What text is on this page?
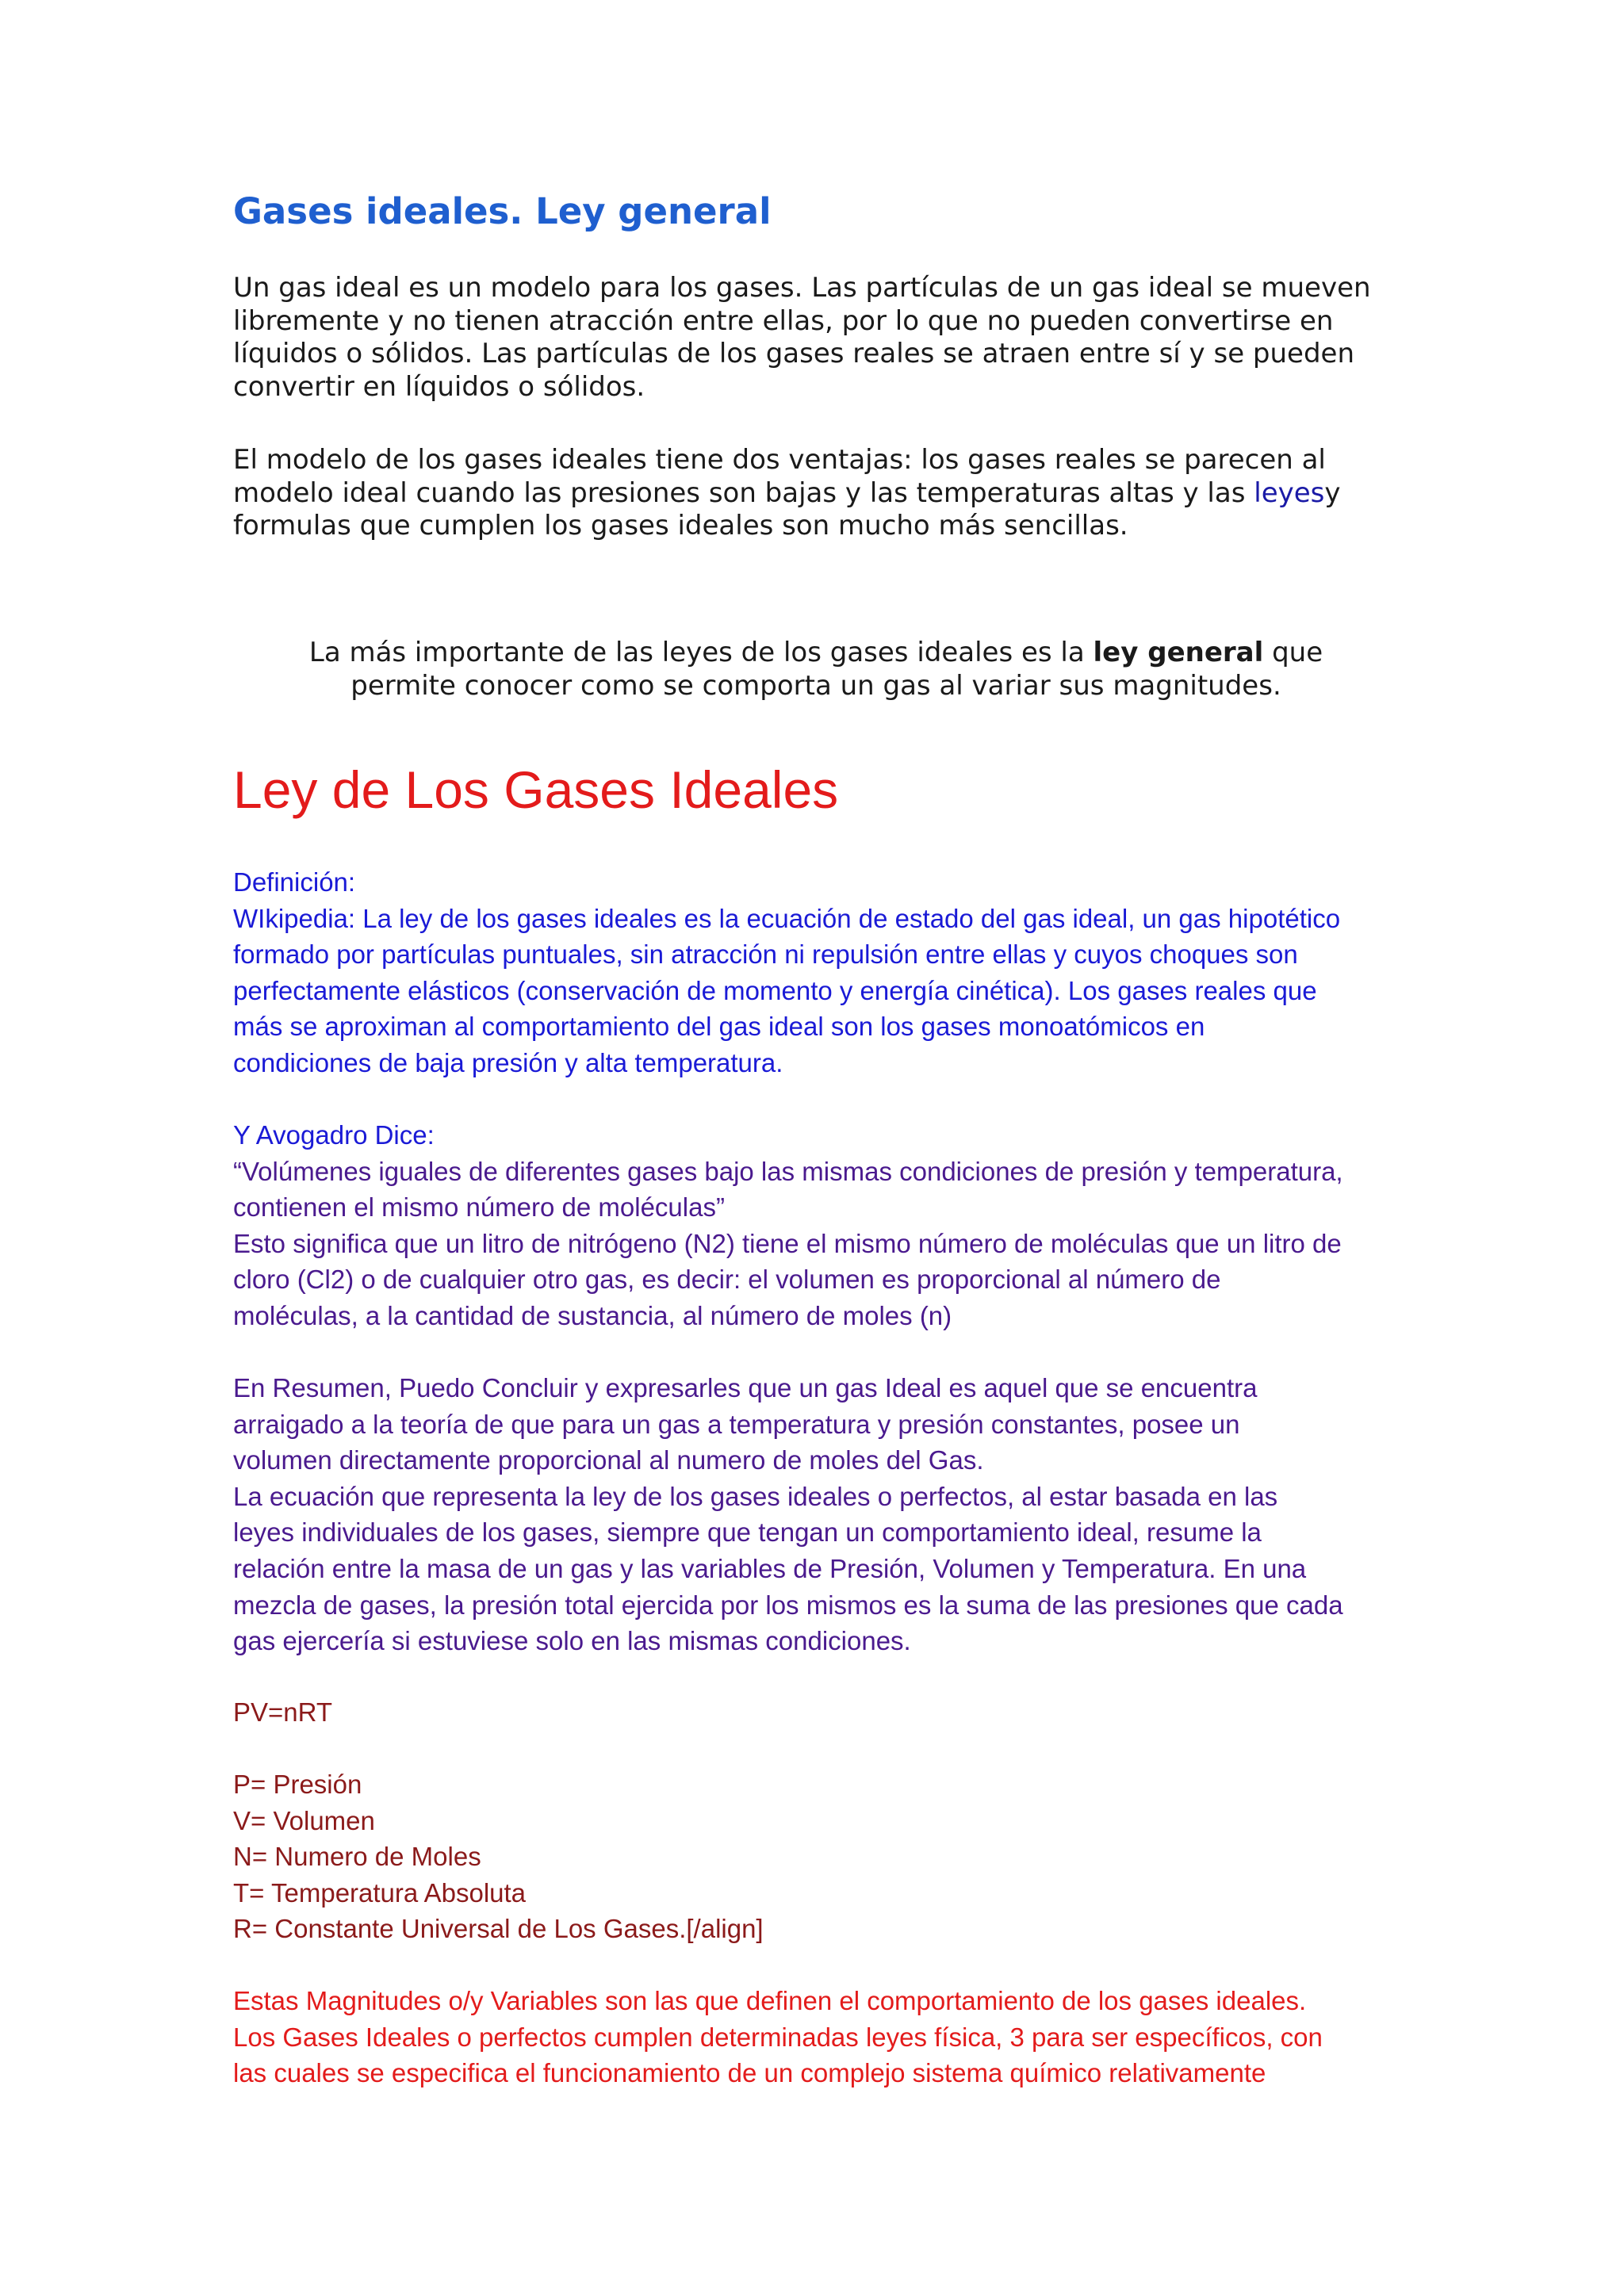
Gases ideales. Ley general

Un gas ideal es un modelo para los gases. Las partículas de un gas ideal se mueven
libremente y no tienen atracción entre ellas, por lo que no pueden convertirse en
líquidos o sólidos. Las partículas de los gases reales se atraen entre sí y se pueden
convertir en líquidos o sólidos.

El modelo de los gases ideales tiene dos ventajas: los gases reales se parecen al
modelo ideal cuando las presiones son bajas y las temperaturas altas y las leyesy
formulas que cumplen los gases ideales son mucho más sencillas.

La más importante de las leyes de los gases ideales es la ley general que
permite conocer como se comporta un gas al variar sus magnitudes.

Ley de Los Gases Ideales

Definición:
WIkipedia: La ley de los gases ideales es la ecuación de estado del gas ideal, un gas hipotético
formado por partículas puntuales, sin atracción ni repulsión entre ellas y cuyos choques son
perfectamente elásticos (conservación de momento y energía cinética). Los gases reales que
más se aproximan al comportamiento del gas ideal son los gases monoatómicos en
condiciones de baja presión y alta temperatura.

Y Avogadro Dice:
“Volúmenes iguales de diferentes gases bajo las mismas condiciones de presión y temperatura,
contienen el mismo número de moléculas”
Esto significa que un litro de nitrógeno (N2) tiene el mismo número de moléculas que un litro de
cloro (Cl2) o de cualquier otro gas, es decir: el volumen es proporcional al número de
moléculas, a la cantidad de sustancia, al número de moles (n)

En Resumen, Puedo Concluir y expresarles que un gas Ideal es aquel que se encuentra
arraigado a la teoría de que para un gas a temperatura y presión constantes, posee un
volumen directamente proporcional al numero de moles del Gas.
La ecuación que representa la ley de los gases ideales o perfectos, al estar basada en las
leyes individuales de los gases, siempre que tengan un comportamiento ideal, resume la
relación entre la masa de un gas y las variables de Presión, Volumen y Temperatura. En una
mezcla de gases, la presión total ejercida por los mismos es la suma de las presiones que cada
gas ejercería si estuviese solo en las mismas condiciones.

PV=nRT

P= Presión
V= Volumen
N= Numero de Moles
T= Temperatura Absoluta
R= Constante Universal de Los Gases.[/align]

Estas Magnitudes o/y Variables son las que definen el comportamiento de los gases ideales.
Los Gases Ideales o perfectos cumplen determinadas leyes física, 3 para ser específicos, con
las cuales se especifica el funcionamiento de un complejo sistema químico relativamente
